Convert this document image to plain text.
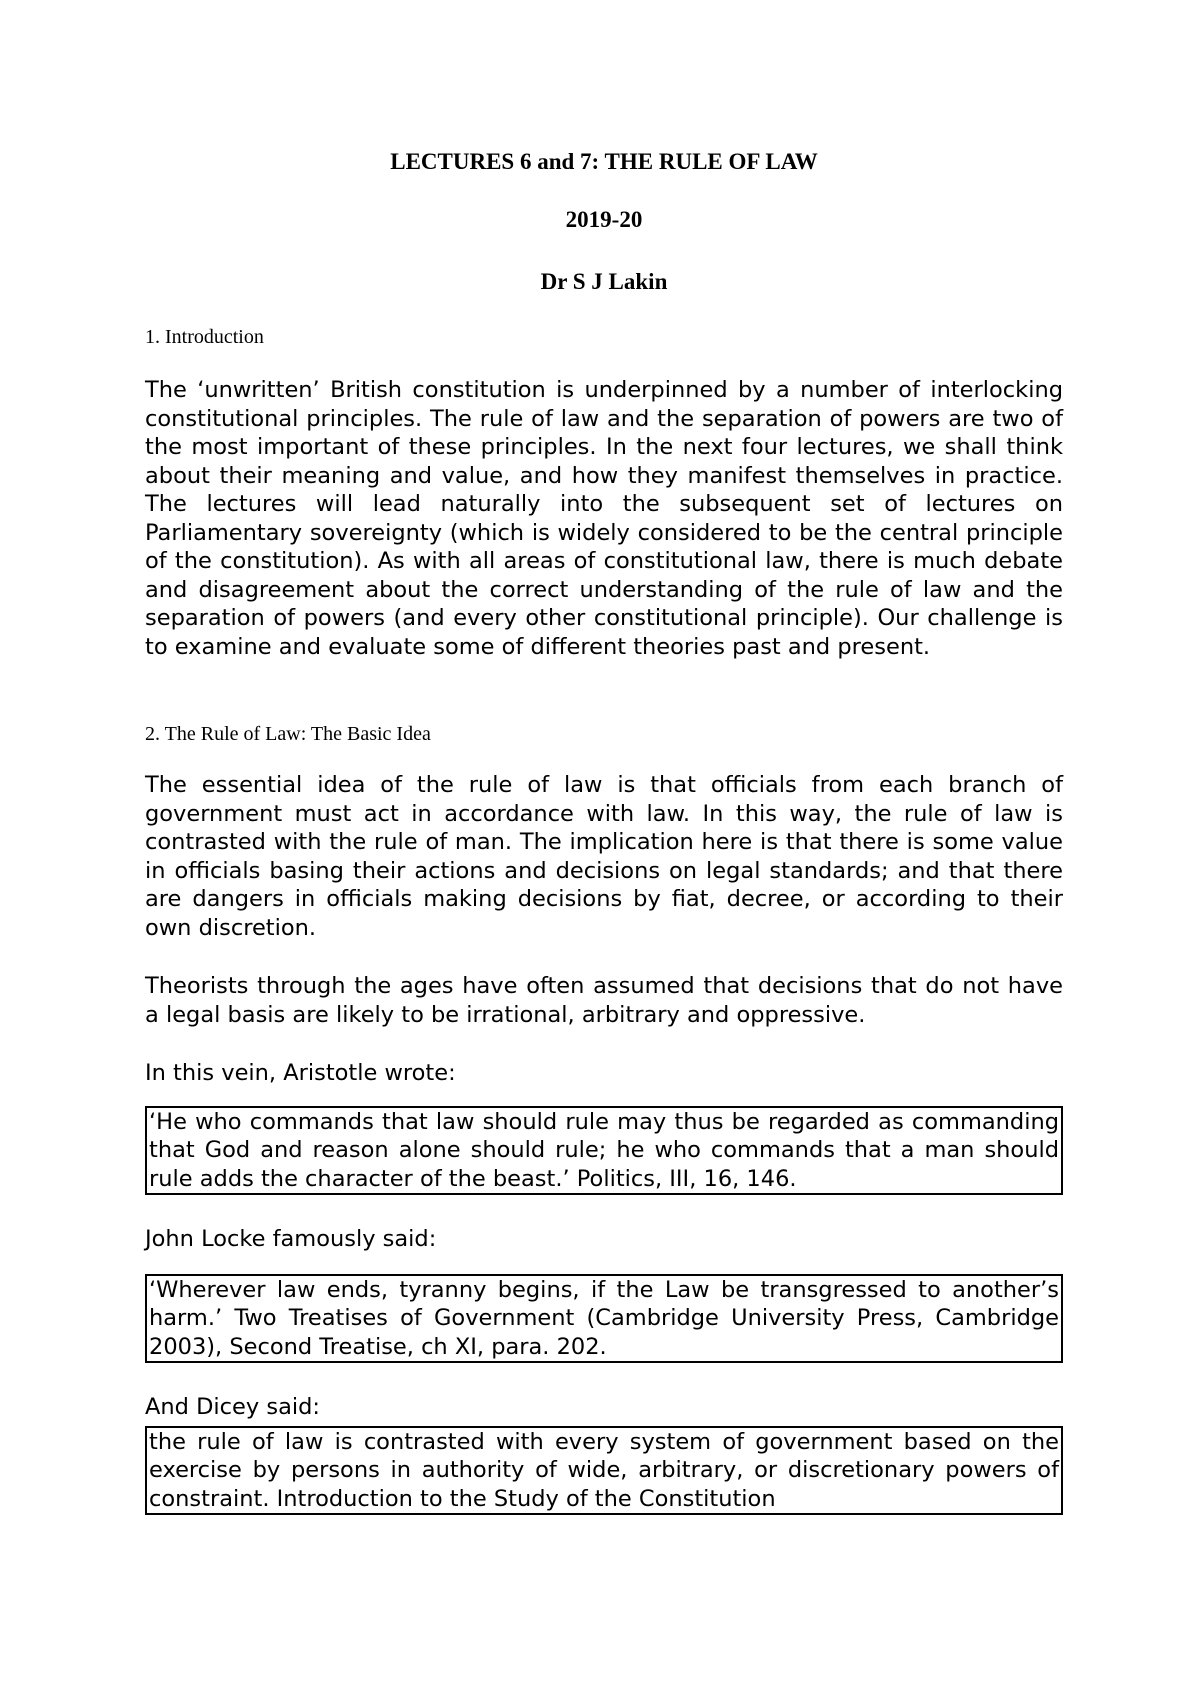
LECTURES 6 and 7: THE RULE OF LAW

2019-20

Dr S J Lakin

1. Introduction

The ‘unwritten’ British constitution is underpinned by a number of interlocking constitutional principles. The rule of law and the separation of powers are two of the most important of these principles. In the next four lectures, we shall think about their meaning and value, and how they manifest themselves in practice. The lectures will lead naturally into the subsequent set of lectures on Parliamentary sovereignty (which is widely considered to be the central principle of the constitution). As with all areas of constitutional law, there is much debate and disagreement about the correct understanding of the rule of law and the separation of powers (and every other constitutional principle). Our challenge is to examine and evaluate some of different theories past and present.

2. The Rule of Law: The Basic Idea

The essential idea of the rule of law is that officials from each branch of government must act in accordance with law. In this way, the rule of law is contrasted with the rule of man. The implication here is that there is some value in officials basing their actions and decisions on legal standards; and that there are dangers in officials making decisions by fiat, decree, or according to their own discretion.

Theorists through the ages have often assumed that decisions that do not have a legal basis are likely to be irrational, arbitrary and oppressive.

In this vein, Aristotle wrote:

‘He who commands that law should rule may thus be regarded as commanding that God and reason alone should rule; he who commands that a man should rule adds the character of the beast.’ Politics, III, 16, 146.

John Locke famously said:

‘Wherever law ends, tyranny begins, if the Law be transgressed to another’s harm.’ Two Treatises of Government (Cambridge University Press, Cambridge 2003), Second Treatise, ch XI, para. 202.

And Dicey said:

the rule of law is contrasted with every system of government based on the exercise by persons in authority of wide, arbitrary, or discretionary powers of constraint. Introduction to the Study of the Constitution
